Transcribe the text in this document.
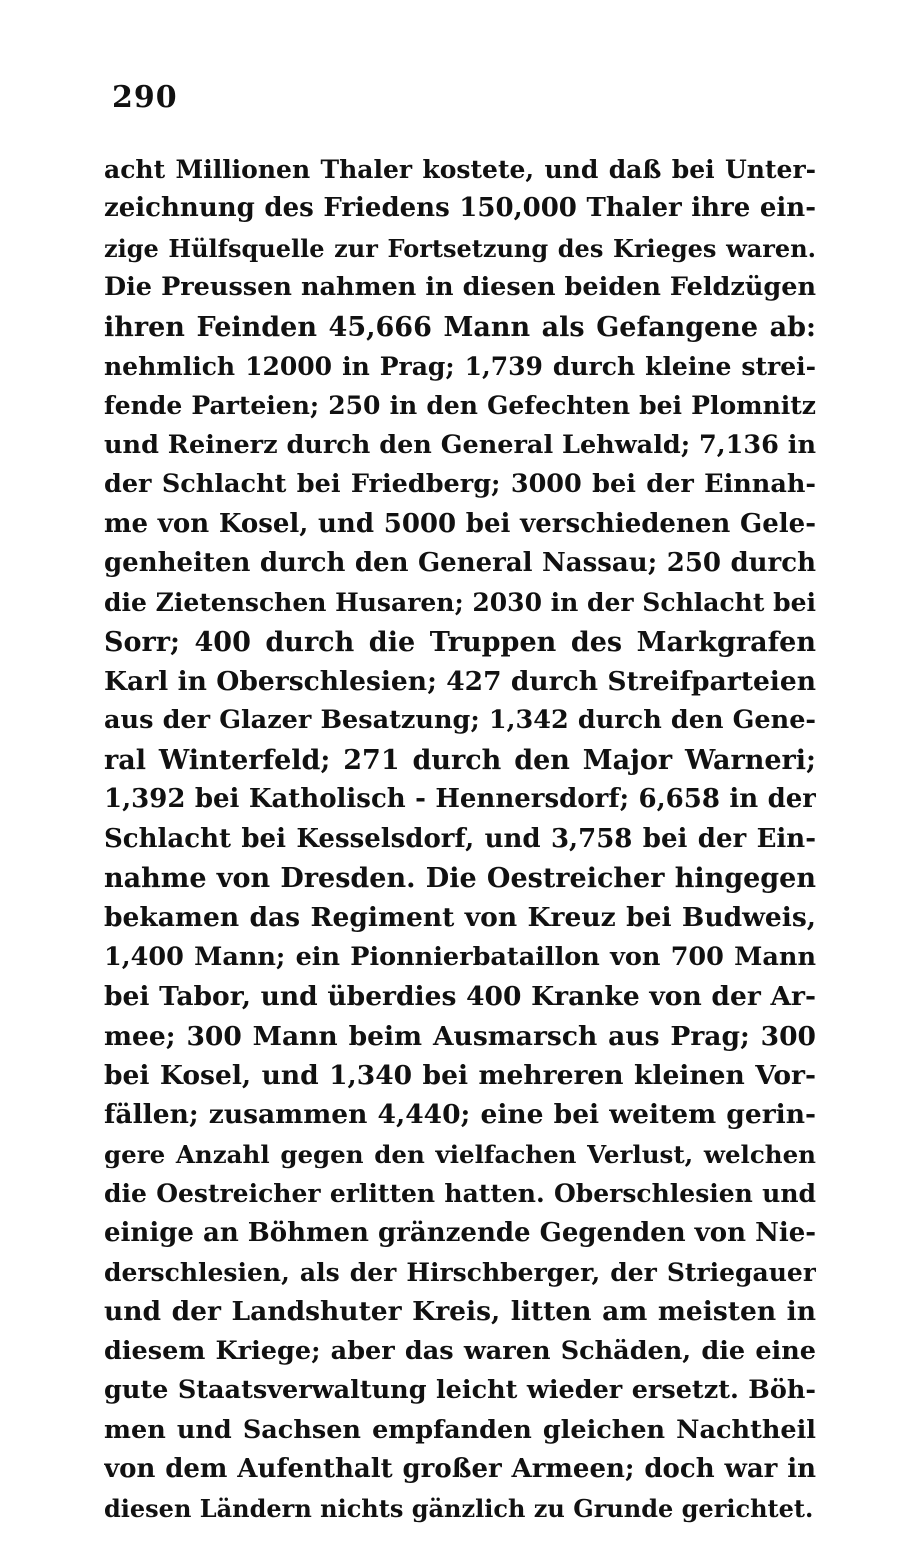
290
acht Millionen Thaler kostete, und daß bei Unter-
zeichnung des Friedens 150,000 Thaler ihre ein-
zige Hülfsquelle zur Fortsetzung des Krieges waren.
Die Preussen nahmen in diesen beiden Feldzügen
ihren Feinden 45,666 Mann als Gefangene ab:
nehmlich 12000 in Prag; 1,739 durch kleine strei-
fende Parteien; 250 in den Gefechten bei Plomnitz
und Reinerz durch den General Lehwald; 7,136 in
der Schlacht bei Friedberg; 3000 bei der Einnah-
me von Kosel, und 5000 bei verschiedenen Gele-
genheiten durch den General Nassau; 250 durch
die Zietenschen Husaren; 2030 in der Schlacht bei
Sorr; 400 durch die Truppen des Markgrafen
Karl in Oberschlesien; 427 durch Streifparteien
aus der Glazer Besatzung; 1,342 durch den Gene-
ral Winterfeld; 271 durch den Major Warneri;
1,392 bei Katholisch - Hennersdorf; 6,658 in der
Schlacht bei Kesselsdorf, und 3,758 bei der Ein-
nahme von Dresden. Die Oestreicher hingegen
bekamen das Regiment von Kreuz bei Budweis,
1,400 Mann; ein Pionnierbataillon von 700 Mann
bei Tabor, und überdies 400 Kranke von der Ar-
mee; 300 Mann beim Ausmarsch aus Prag; 300
bei Kosel, und 1,340 bei mehreren kleinen Vor-
fällen; zusammen 4,440; eine bei weitem gerin-
gere Anzahl gegen den vielfachen Verlust, welchen
die Oestreicher erlitten hatten. Oberschlesien und
einige an Böhmen gränzende Gegenden von Nie-
derschlesien, als der Hirschberger, der Striegauer
und der Landshuter Kreis, litten am meisten in
diesem Kriege; aber das waren Schäden, die eine
gute Staatsverwaltung leicht wieder ersetzt. Böh-
men und Sachsen empfanden gleichen Nachtheil
von dem Aufenthalt großer Armeen; doch war in
diesen Ländern nichts gänzlich zu Grunde gerichtet.
